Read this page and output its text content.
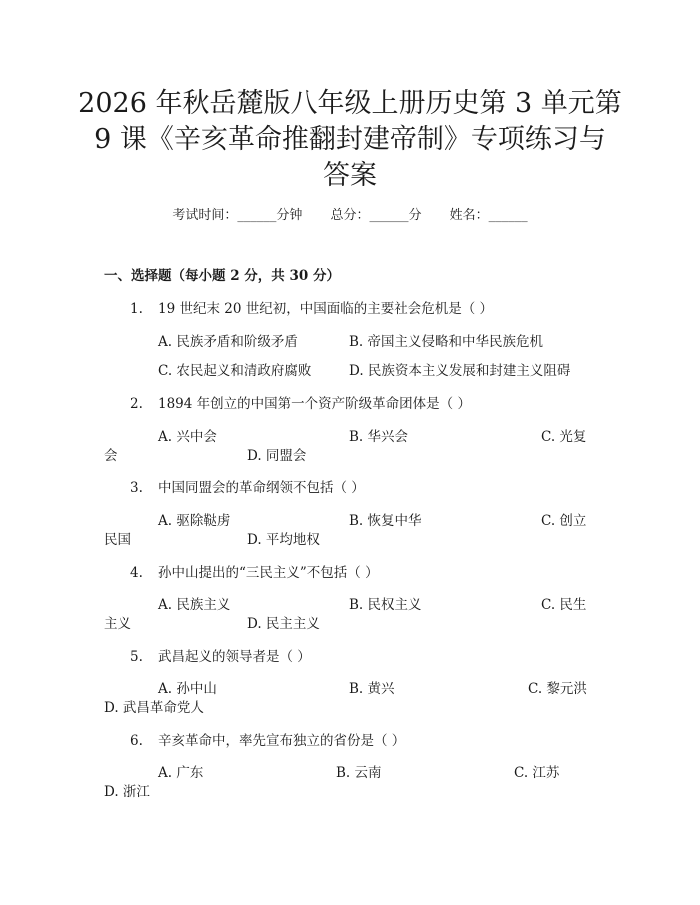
2026 年秋岳麓版八年级上册历史第 3 单元第
9 课《辛亥革命推翻封建帝制》专项练习与
答案
考试时间：______分钟 总分：______分 姓名：______
一、选择题（每小题 2 分，共 30 分）
1. 19 世纪末 20 世纪初，中国面临的主要社会危机是（ ）
A. 民族矛盾和阶级矛盾	B. 帝国主义侵略和中华民族危机
C. 农民起义和清政府腐败	D. 民族资本主义发展和封建主义阻碍
2. 1894 年创立的中国第一个资产阶级革命团体是（ ）
A. 兴中会	B. 华兴会	C. 光复
会	D. 同盟会
3. 中国同盟会的革命纲领不包括（ ）
A. 驱除鞑虏	B. 恢复中华	C. 创立
民国	D. 平均地权
4. 孙中山提出的“三民主义”不包括（ ）
A. 民族主义	B. 民权主义	C. 民生
主义	D. 民主主义
5. 武昌起义的领导者是（ ）
A. 孙中山	B. 黄兴	C. 黎元洪
D. 武昌革命党人
6. 辛亥革命中，率先宣布独立的省份是（ ）
A. 广东	B. 云南	C. 江苏
D. 浙江
